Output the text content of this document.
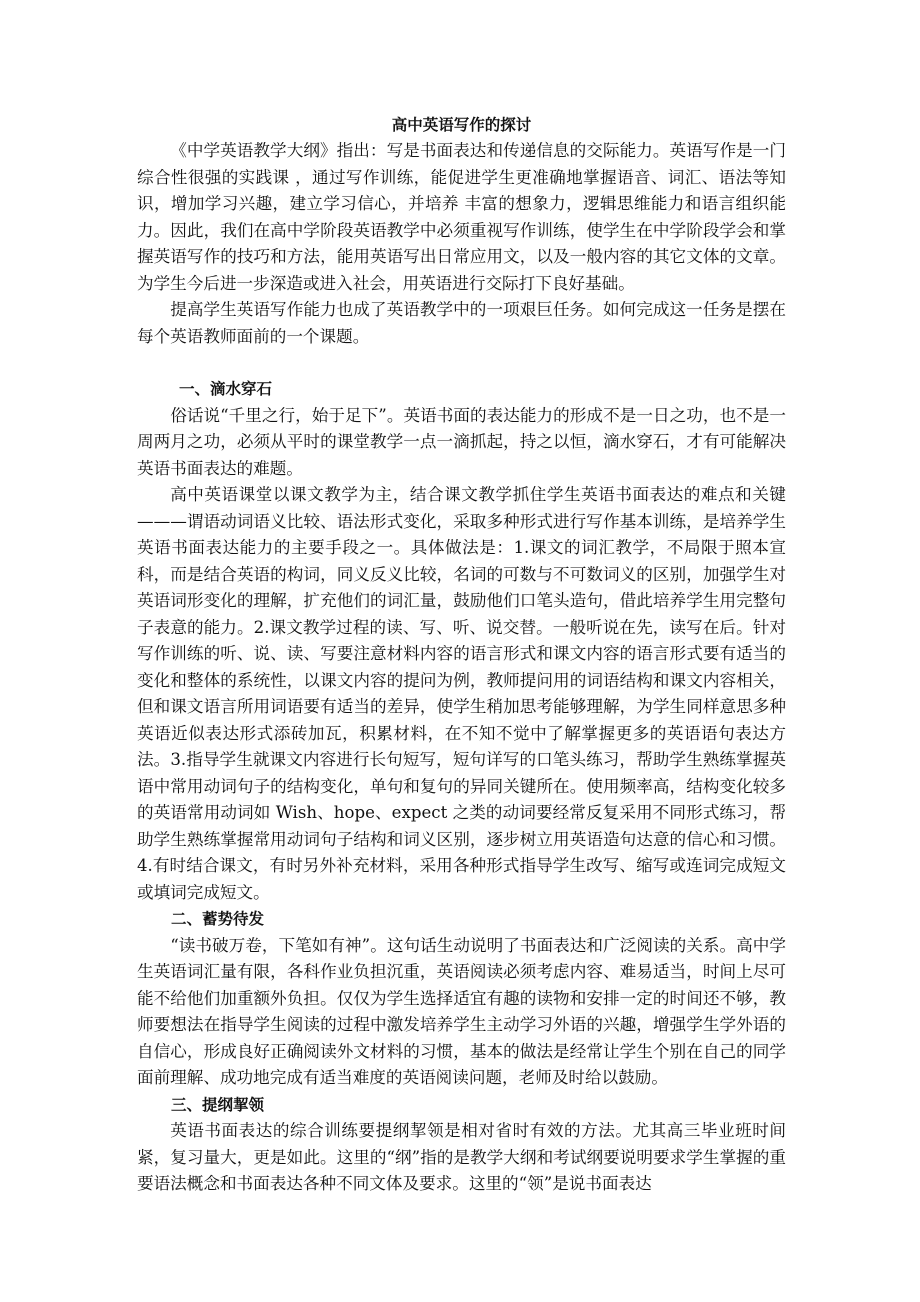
高中英语写作的探讨

《中学英语教学大纲》指出：写是书面表达和传递信息的交际能力。英语写作是一门综合性很强的实践课 ，通过写作训练，能促进学生更准确地掌握语音、词汇、语法等知识，增加学习兴趣，建立学习信心，并培养 丰富的想象力，逻辑思维能力和语言组织能力。因此，我们在高中学阶段英语教学中必须重视写作训练，使学生在中学阶段学会和掌握英语写作的技巧和方法，能用英语写出日常应用文，以及一般内容的其它文体的文章。 为学生今后进一步深造或进入社会，用英语进行交际打下良好基础。

提高学生英语写作能力也成了英语教学中的一项艰巨任务。如何完成这一任务是摆在每个英语教师面前的一个课题。

一、滴水穿石

俗话说“千里之行，始于足下”。英语书面的表达能力的形成不是一日之功，也不是一周两月之功，必须从平时的课堂教学一点一滴抓起，持之以恒，滴水穿石，才有可能解决英语书面表达的难题。

高中英语课堂以课文教学为主，结合课文教学抓住学生英语书面表达的难点和关键———谓语动词语义比较、语法形式变化，采取多种形式进行写作基本训练，是培养学生英语书面表达能力的主要手段之一。具体做法是：1.课文的词汇教学，不局限于照本宣科，而是结合英语的构词，同义反义比较，名词的可数与不可数词义的区别，加强学生对英语词形变化的理解，扩充他们的词汇量，鼓励他们口笔头造句，借此培养学生用完整句子表意的能力。2.课文教学过程的读、写、听、说交替。一般听说在先，读写在后。针对写作训练的听、说、读、写要注意材料内容的语言形式和课文内容的语言形式要有适当的变化和整体的系统性，以课文内容的提问为例，教师提问用的词语结构和课文内容相关，但和课文语言所用词语要有适当的差异，使学生稍加思考能够理解，为学生同样意思多种英语近似表达形式添砖加瓦，积累材料，在不知不觉中了解掌握更多的英语语句表达方法。3.指导学生就课文内容进行长句短写，短句详写的口笔头练习，帮助学生熟练掌握英语中常用动词句子的结构变化，单句和复句的异同关键所在。使用频率高，结构变化较多的英语常用动词如 Wish、hope、expect 之类的动词要经常反复采用不同形式练习，帮助学生熟练掌握常用动词句子结构和词义区别，逐步树立用英语造句达意的信心和习惯。4.有时结合课文，有时另外补充材料，采用各种形式指导学生改写、缩写或连词完成短文或填词完成短文。

二、蓄势待发

“读书破万卷，下笔如有神”。这句话生动说明了书面表达和广泛阅读的关系。高中学生英语词汇量有限，各科作业负担沉重，英语阅读必须考虑内容、难易适当，时间上尽可能不给他们加重额外负担。仅仅为学生选择适宜有趣的读物和安排一定的时间还不够，教师要想法在指导学生阅读的过程中激发培养学生主动学习外语的兴趣，增强学生学外语的自信心，形成良好正确阅读外文材料的习惯，基本的做法是经常让学生个别在自己的同学面前理解、成功地完成有适当难度的英语阅读问题，老师及时给以鼓励。

三、提纲挈领

英语书面表达的综合训练要提纲挈领是相对省时有效的方法。尤其高三毕业班时间紧，复习量大，更是如此。这里的“纲”指的是教学大纲和考试纲要说明要求学生掌握的重要语法概念和书面表达各种不同文体及要求。这里的“领”是说书面表达
